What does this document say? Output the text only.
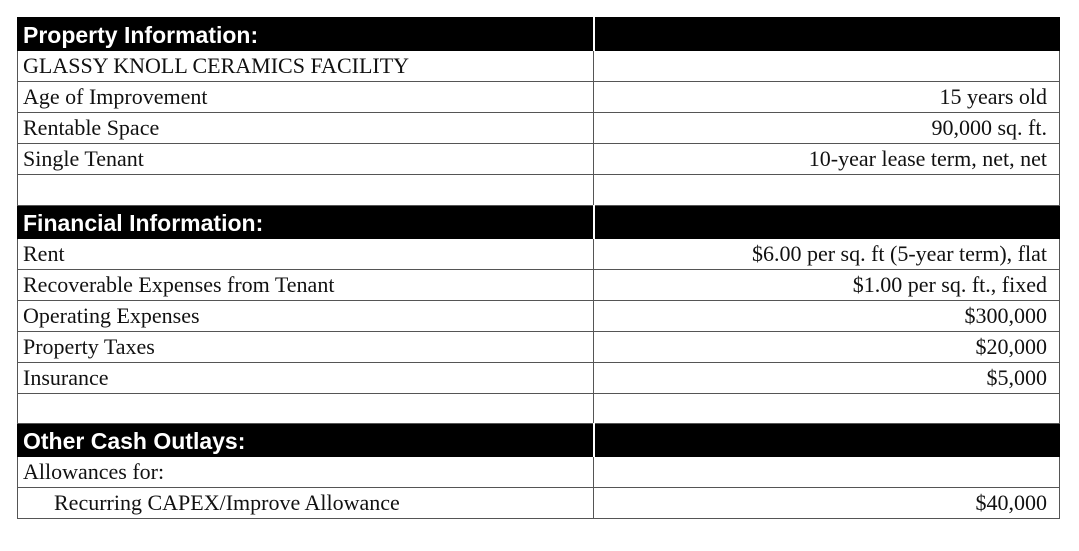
Property Information:	
GLASSY KNOLL CERAMICS FACILITY	
Age of Improvement	15 years old
Rentable Space	90,000 sq. ft.
Single Tenant	10-year lease term, net, net

Financial Information:	
Rent	$6.00 per sq. ft (5-year term), flat
Recoverable Expenses from Tenant	$1.00 per sq. ft., fixed
Operating Expenses	$300,000
Property Taxes	$20,000
Insurance	$5,000

Other Cash Outlays:	
Allowances for:	
Recurring CAPEX/Improve Allowance	$40,000
